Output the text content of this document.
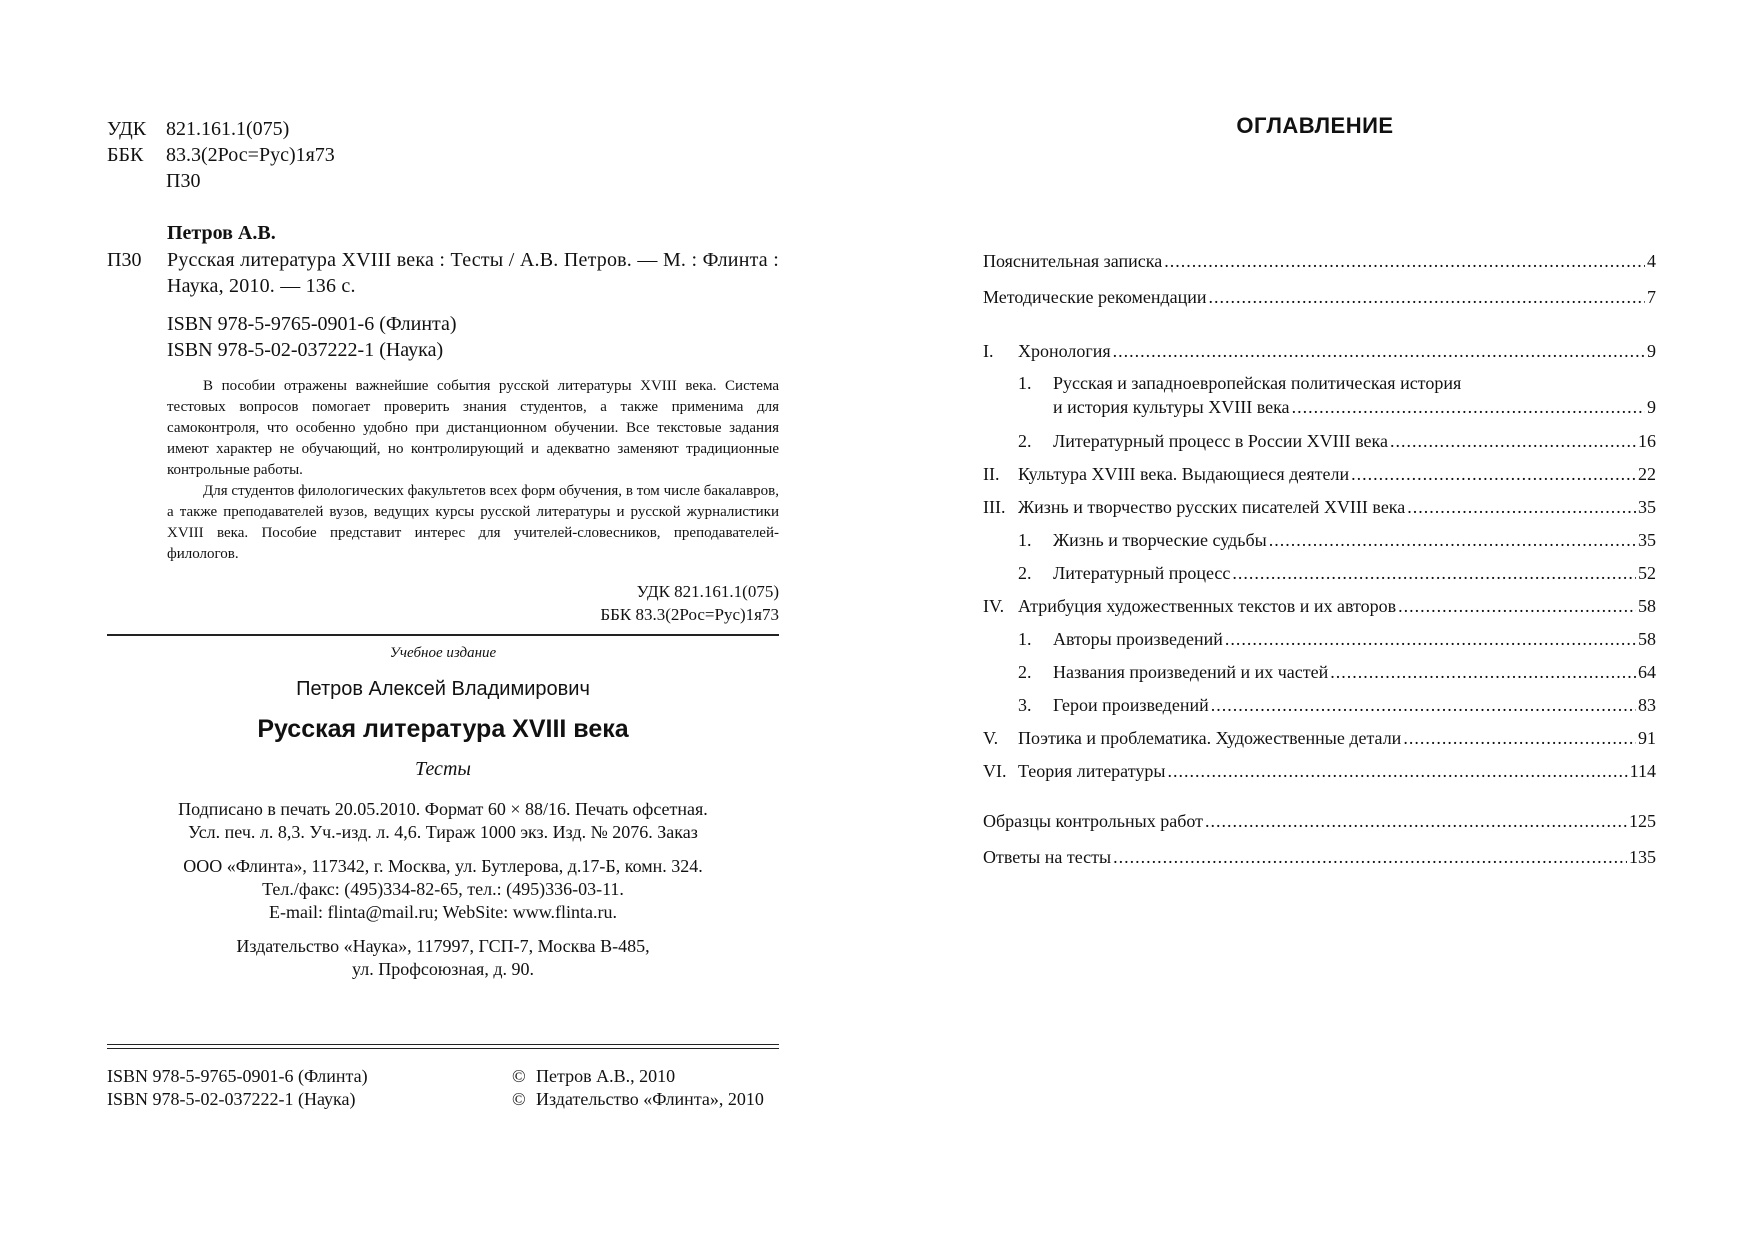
УДК 821.161.1(075)
ББК	83.3(2Рос=Рус)1я73
П30
Петров А.В.
П30 Русская литература XVIII века : Тесты / А.В. Петров. — М. : Флинта : Наука, 2010. — 136 с.
ISBN 978-5-9765-0901-6 (Флинта)
ISBN 978-5-02-037222-1 (Наука)

В пособии отражены важнейшие события русской литературы XVIII века. Система тестовых вопросов помогает проверить знания студентов, а также применима для самоконтроля, что особенно удобно при дистанционном обучении. Все текстовые задания имеют характер не обучающий, но контролирующий и адекватно заменяют традиционные контрольные работы.

Для студентов филологических факультетов всех форм обучения, в том числе бакалавров, а также преподавателей вузов, ведущих курсы русской литературы и русской журналистики XVIII века. Пособие представит интерес для учителей-словесников, преподавателей-филологов.

УДК 821.161.1(075)
ББК 83.3(2Рос=Рус)1я73
Учебное издание
Петров Алексей Владимирович
Русская литература XVIII века
Тесты
Подписано в печать 20.05.2010. Формат 60 × 88/16. Печать офсетная.
Усл. печ. л. 8,3. Уч.-изд. л. 4,6. Тираж 1000 экз. Изд. № 2076. Заказ
ООО «Флинта», 117342, г. Москва, ул. Бутлерова, д.17-Б, комн. 324.
Тел./факс: (495)334-82-65, тел.: (495)336-03-11.
E-mail: flinta@mail.ru; WebSite: www.flinta.ru.
Издательство «Наука», 117997, ГСП-7, Москва В-485,
ул. Профсоюзная, д. 90.
ISBN 978-5-9765-0901-6 (Флинта)
ISBN 978-5-02-037222-1 (Наука)
© Петров А.В., 2010
© Издательство «Флинта», 2010
ОГЛАВЛЕНИЕ
Пояснительная записка .....	4
Методические рекомендации .....	7
I. Хронология .....	9
1. Русская и западноевропейская политическая история
и история культуры XVIII века .....	9
2. Литературный процесс в России XVIII века .....	16
II. Культура XVIII века. Выдающиеся деятели .....	22
III. Жизнь и творчество русских писателей XVIII века .....	35
1. Жизнь и творческие судьбы .....	35
2. Литературный процесс .....	52
IV. Атрибуция художественных текстов и их авторов .....	58
1. Авторы произведений .....	58
2. Названия произведений и их частей .....	64
3. Герои произведений .....	83
V. Поэтика и проблематика. Художественные детали .....	91
VI. Теория литературы .....	114
Образцы контрольных работ .....	125
Ответы на тесты .....	135
